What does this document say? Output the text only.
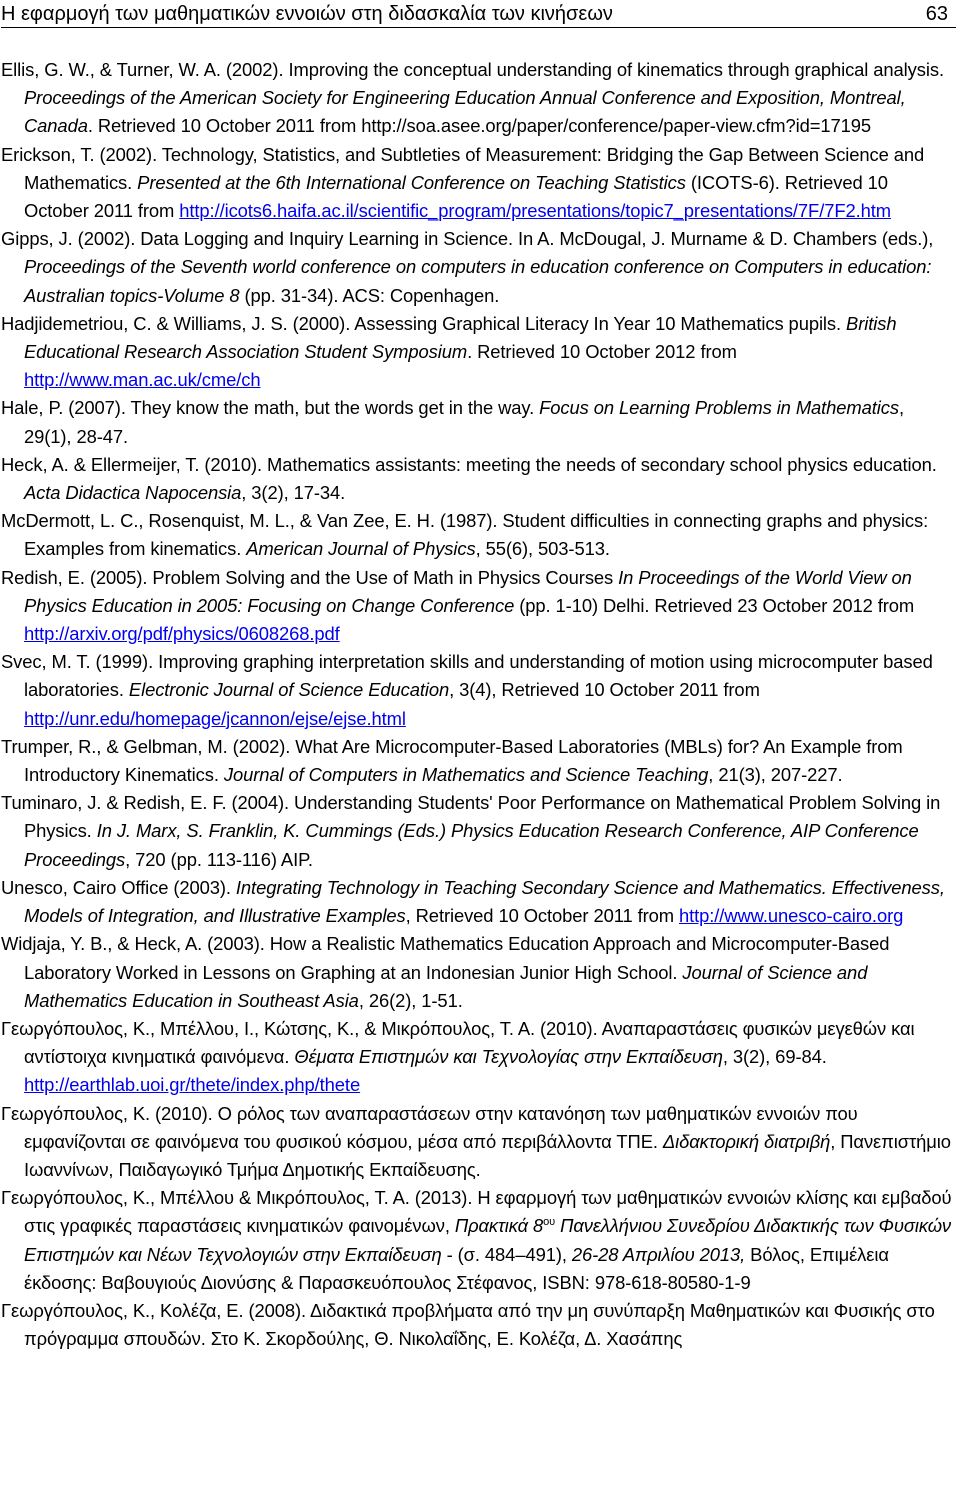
Η εφαρμογή των μαθηματικών εννοιών στη διδασκαλία των κινήσεων	63

Ellis, G. W., & Turner, W. A. (2002). Improving the conceptual understanding of kinematics through graphical analysis. Proceedings of the American Society for Engineering Education Annual Conference and Exposition, Montreal, Canada. Retrieved 10 October 2011 from http://soa.asee.org/paper/conference/paper-view.cfm?id=17195

Erickson, T. (2002). Technology, Statistics, and Subtleties of Measurement: Bridging the Gap Between Science and Mathematics. Presented at the 6th International Conference on Teaching Statistics (ICOTS-6). Retrieved 10 October 2011 from http://icots6.haifa.ac.il/scientific_program/presentations/topic7_presentations/7F/7F2.htm

Gipps, J. (2002). Data Logging and Inquiry Learning in Science. In A. McDougal, J. Murname & D. Chambers (eds.), Proceedings of the Seventh world conference on computers in education conference on Computers in education: Australian topics-Volume 8 (pp. 31-34). ACS: Copenhagen.

Hadjidemetriou, C. & Williams, J. S. (2000). Assessing Graphical Literacy In Year 10 Mathematics pupils. British Educational Research Association Student Symposium. Retrieved 10 October 2012 from http://www.man.ac.uk/cme/ch

Hale, P. (2007). They know the math, but the words get in the way. Focus on Learning Problems in Mathematics, 29(1), 28-47.

Heck, A. & Ellermeijer, T. (2010). Mathematics assistants: meeting the needs of secondary school physics education. Acta Didactica Napocensia, 3(2), 17-34.

McDermott, L. C., Rosenquist, M. L., & Van Zee, E. H. (1987). Student difficulties in connecting graphs and physics: Examples from kinematics. American Journal of Physics, 55(6), 503-513.

Redish, E. (2005). Problem Solving and the Use of Math in Physics Courses In Proceedings of the World View on Physics Education in 2005: Focusing on Change Conference (pp. 1-10) Delhi. Retrieved 23 October 2012 from http://arxiv.org/pdf/physics/0608268.pdf

Svec, M. T. (1999). Improving graphing interpretation skills and understanding of motion using microcomputer based laboratories. Electronic Journal of Science Education, 3(4), Retrieved 10 October 2011 from http://unr.edu/homepage/jcannon/ejse/ejse.html

Trumper, R., & Gelbman, M. (2002). What Are Microcomputer-Based Laboratories (MBLs) for? An Example from Introductory Kinematics. Journal of Computers in Mathematics and Science Teaching, 21(3), 207-227.

Tuminaro, J. & Redish, E. F. (2004). Understanding Students' Poor Performance on Mathematical Problem Solving in Physics. In J. Marx, S. Franklin, K. Cummings (Eds.) Physics Education Research Conference, AIP Conference Proceedings, 720 (pp. 113-116) AIP.

Unesco, Cairo Office (2003). Integrating Technology in Teaching Secondary Science and Mathematics. Effectiveness, Models of Integration, and Illustrative Examples, Retrieved 10 October 2011 from http://www.unesco-cairo.org

Widjaja, Y. B., & Heck, A. (2003). How a Realistic Mathematics Education Approach and Microcomputer-Based Laboratory Worked in Lessons on Graphing at an Indonesian Junior High School. Journal of Science and Mathematics Education in Southeast Asia, 26(2), 1-51.

Γεωργόπουλος, Κ., Μπέλλου, Ι., Κώτσης, Κ., & Μικρόπουλος, Τ. Α. (2010). Αναπαραστάσεις φυσικών μεγεθών και αντίστοιχα κινηματικά φαινόμενα. Θέματα Επιστημών και Τεχνολογίας στην Εκπαίδευση, 3(2), 69-84. http://earthlab.uoi.gr/thete/index.php/thete

Γεωργόπουλος, Κ. (2010). Ο ρόλος των αναπαραστάσεων στην κατανόηση των μαθηματικών εννοιών που εμφανίζονται σε φαινόμενα του φυσικού κόσμου, μέσα από περιβάλλοντα ΤΠΕ. Διδακτορική διατριβή, Πανεπιστήμιο Ιωαννίνων, Παιδαγωγικό Τμήμα Δημοτικής Εκπαίδευσης.

Γεωργόπουλος, Κ., Μπέλλου & Μικρόπουλος, Τ. Α. (2013). Η εφαρμογή των μαθηματικών εννοιών κλίσης και εμβαδού στις γραφικές παραστάσεις κινηματικών φαινομένων, Πρακτικά $8^{o\upsilon}$ Πανελλήνιου Συνεδρίου Διδακτικής των Φυσικών Επιστημών και Νέων Τεχνολογιών στην Εκπαίδευση - (σ. 484–491), 26-28 Απριλίου 2013, Βόλος, Επιμέλεια έκδοσης: Βαβουγιούς Διονύσης & Παρασκευόπουλος Στέφανος, ISBN: 978-618-80580-1-9

Γεωργόπουλος, Κ., Κολέζα, Ε. (2008). Διδακτικά προβλήματα από την μη συνύπαρξη Μαθηματικών και Φυσικής στο πρόγραμμα σπουδών. Στο Κ. Σκορδούλης, Θ. Νικολαΐδης, Ε. Κολέζα, Δ. Χασάπης
